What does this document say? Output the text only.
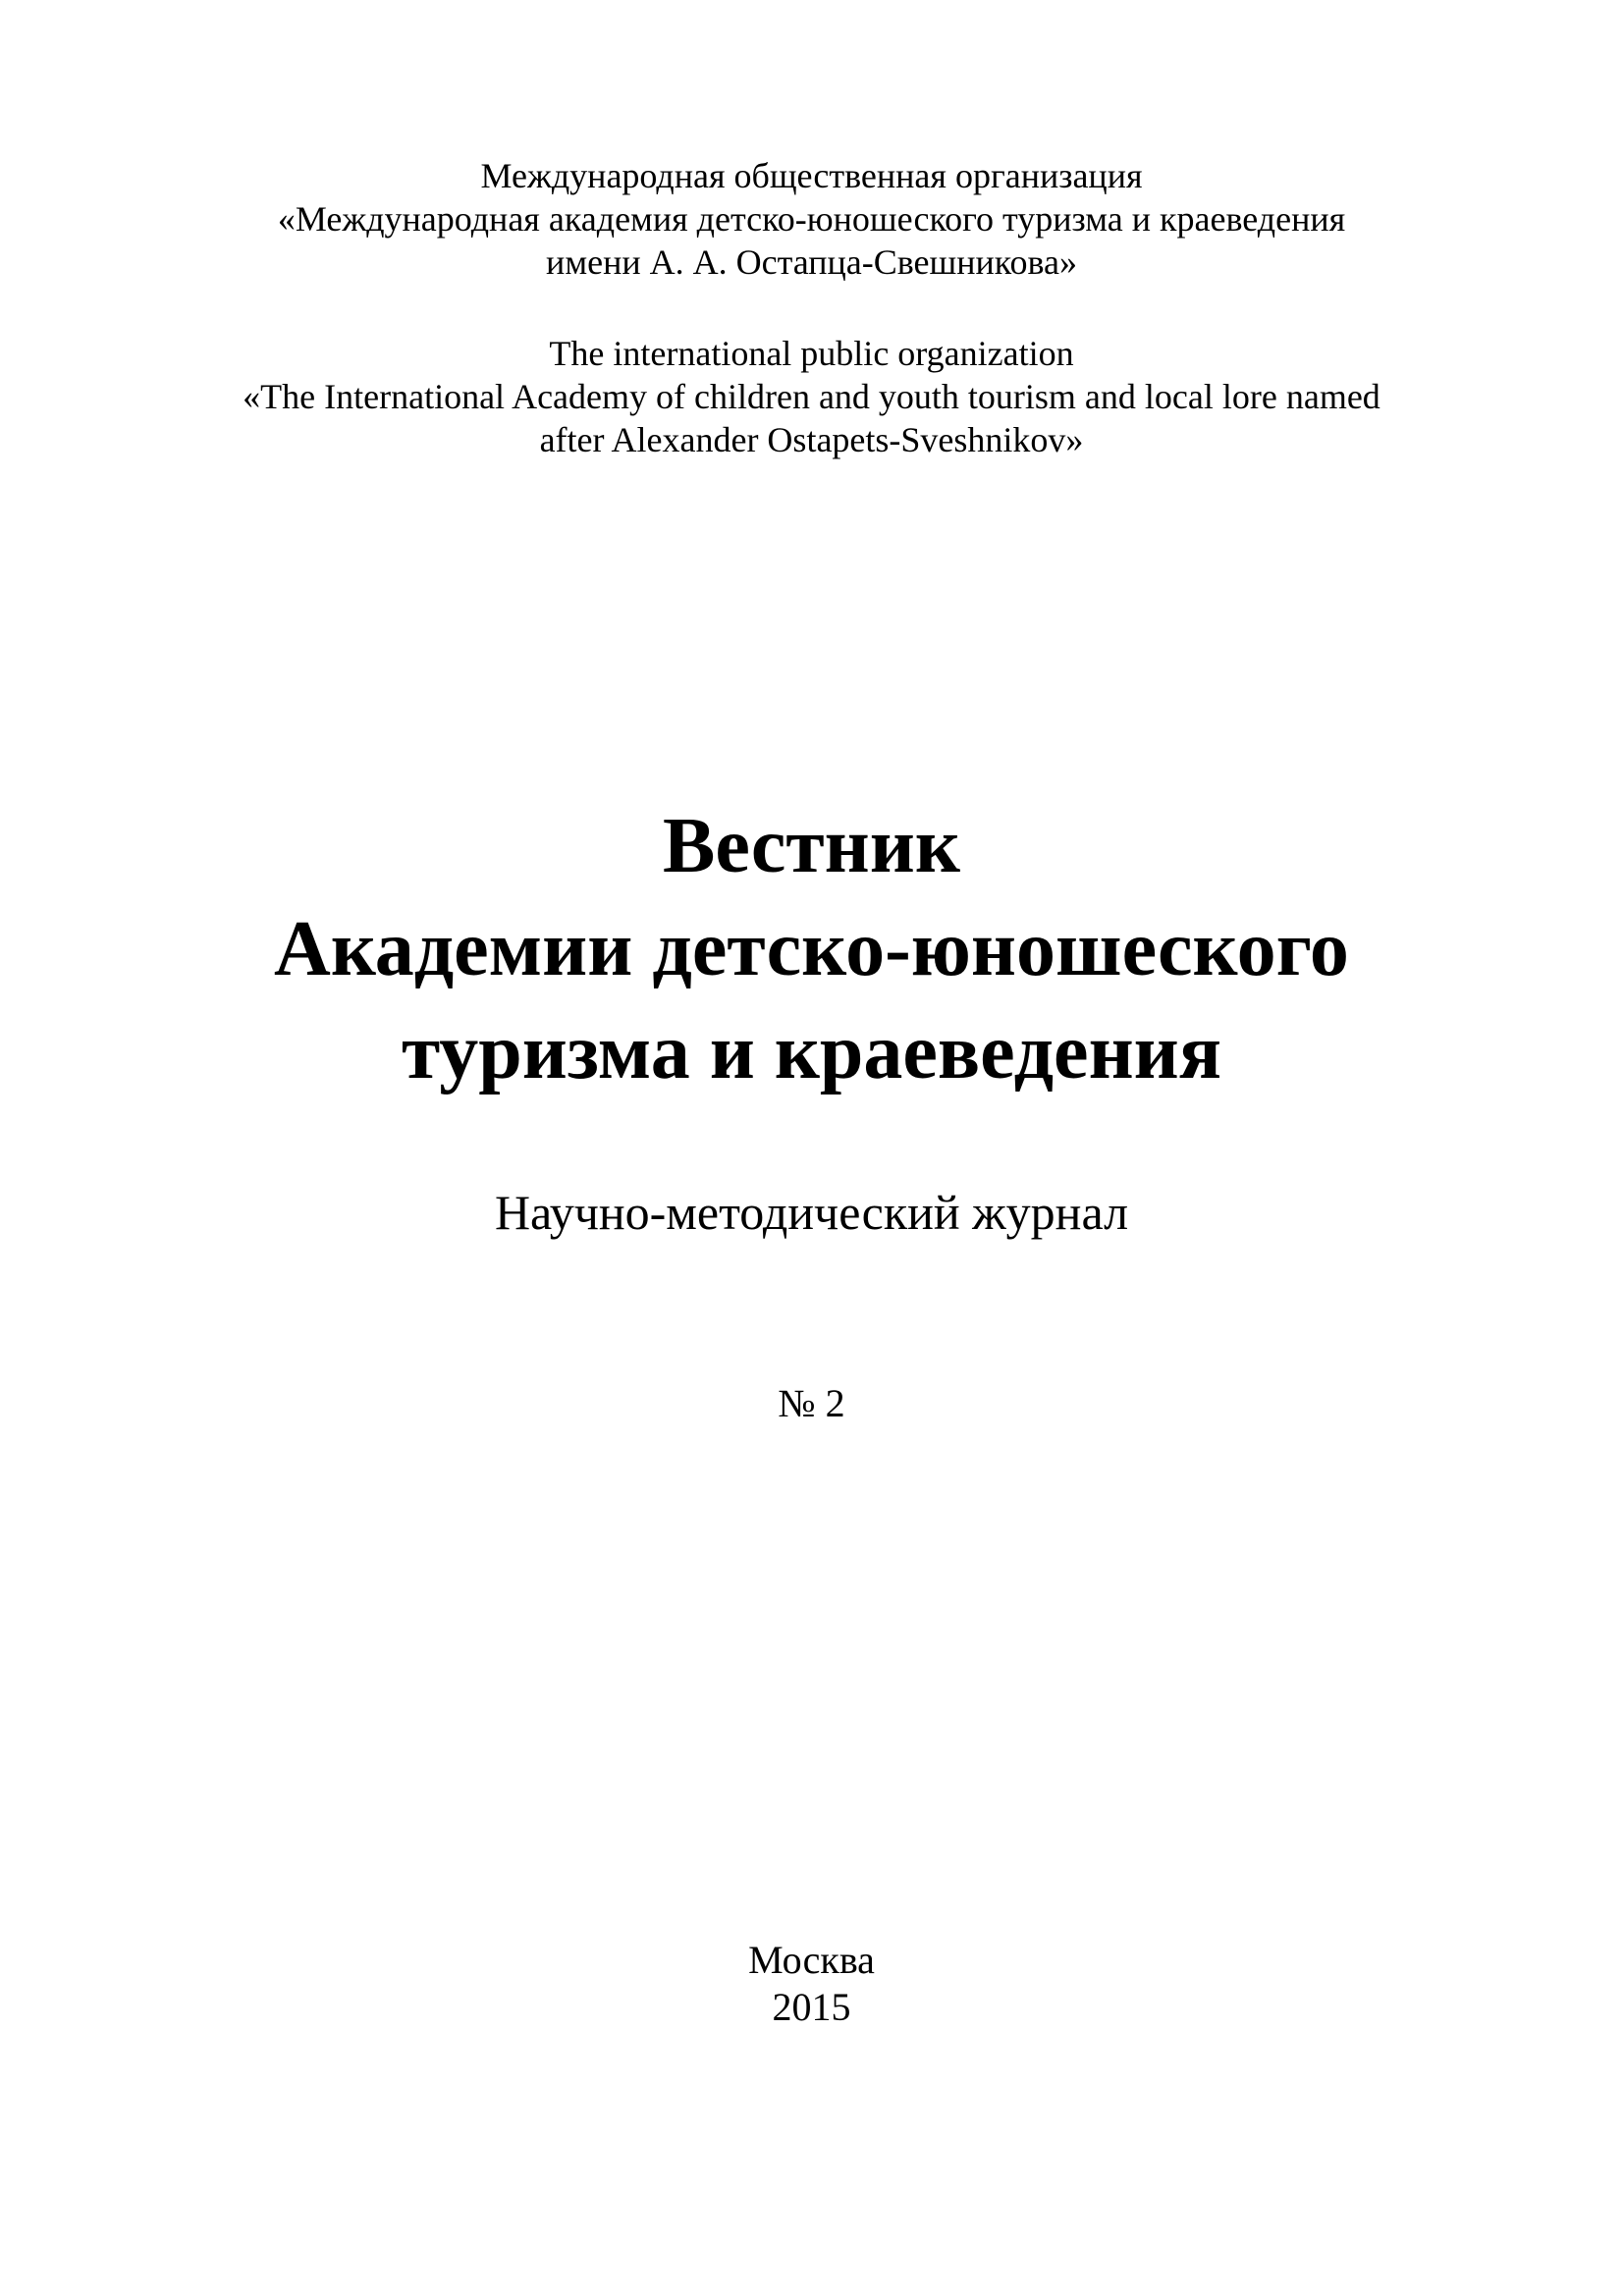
Международная общественная организация
«Международная академия детско-юношеского туризма и краеведения
имени А. А. Остапца-Свешникова»
The international public organization
«The International Academy of children and youth tourism and local lore named
after Alexander Ostapets-Sveshnikov»
Вестник
Академии детско-юношеского
туризма и краеведения
Научно-методический журнал
№ 2
Москва
2015
